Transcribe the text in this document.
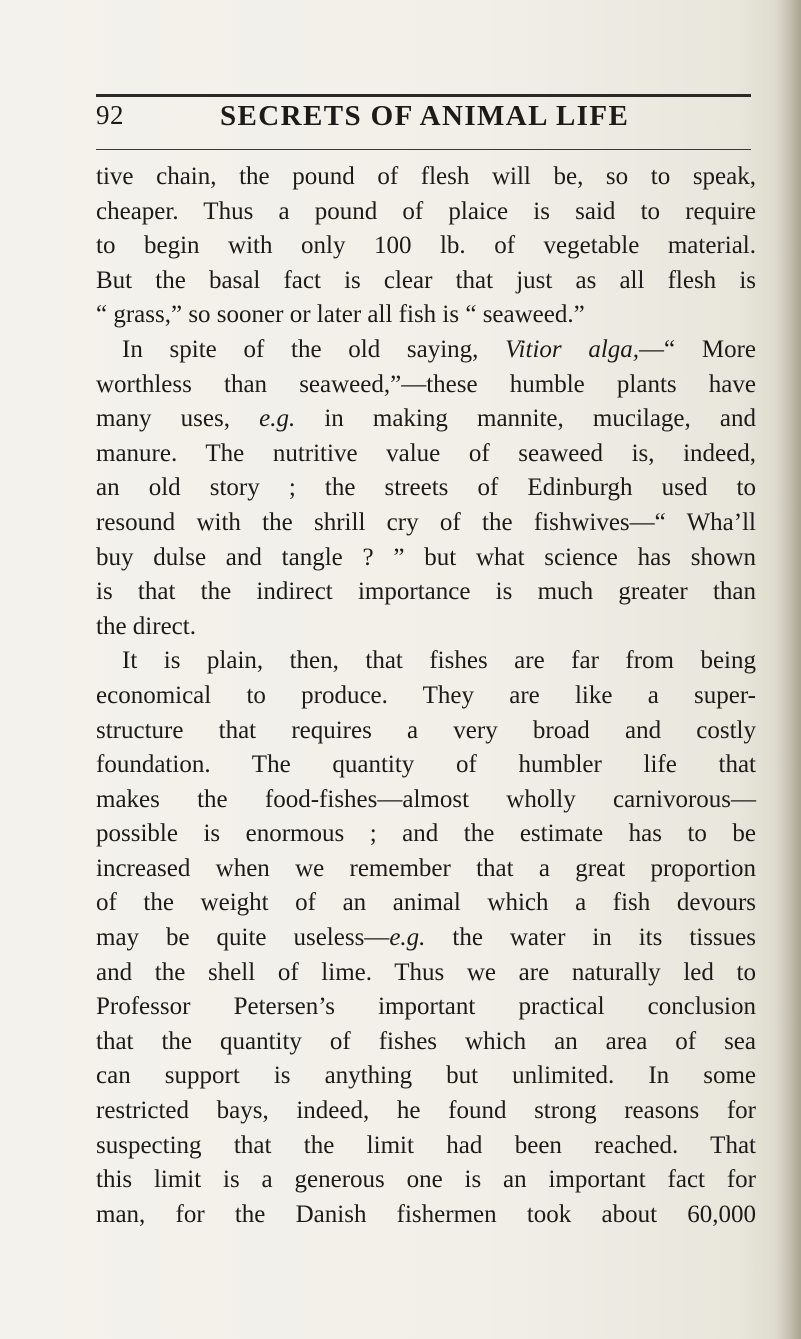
92	SECRETS OF ANIMAL LIFE
tive chain, the pound of flesh will be, so to speak,
cheaper. Thus a pound of plaice is said to require
to begin with only 100 lb. of vegetable material.
But the basal fact is clear that just as all flesh is
“ grass,” so sooner or later all fish is “ seaweed.”
In spite of the old saying, Vitior alga,—“ More
worthless than seaweed,”—these humble plants have
many uses, e.g. in making mannite, mucilage, and
manure. The nutritive value of seaweed is, indeed,
an old story ; the streets of Edinburgh used to
resound with the shrill cry of the fishwives—“ Wha’ll
buy dulse and tangle ? ” but what science has shown
is that the indirect importance is much greater than
the direct.
It is plain, then, that fishes are far from being
economical to produce. They are like a super-
structure that requires a very broad and costly
foundation. The quantity of humbler life that
makes the food-fishes—almost wholly carnivorous—
possible is enormous ; and the estimate has to be
increased when we remember that a great proportion
of the weight of an animal which a fish devours
may be quite useless—e.g. the water in its tissues
and the shell of lime. Thus we are naturally led to
Professor Petersen’s important practical conclusion
that the quantity of fishes which an area of sea
can support is anything but unlimited. In some
restricted bays, indeed, he found strong reasons for
suspecting that the limit had been reached. That
this limit is a generous one is an important fact for
man, for the Danish fishermen took about 60,000
